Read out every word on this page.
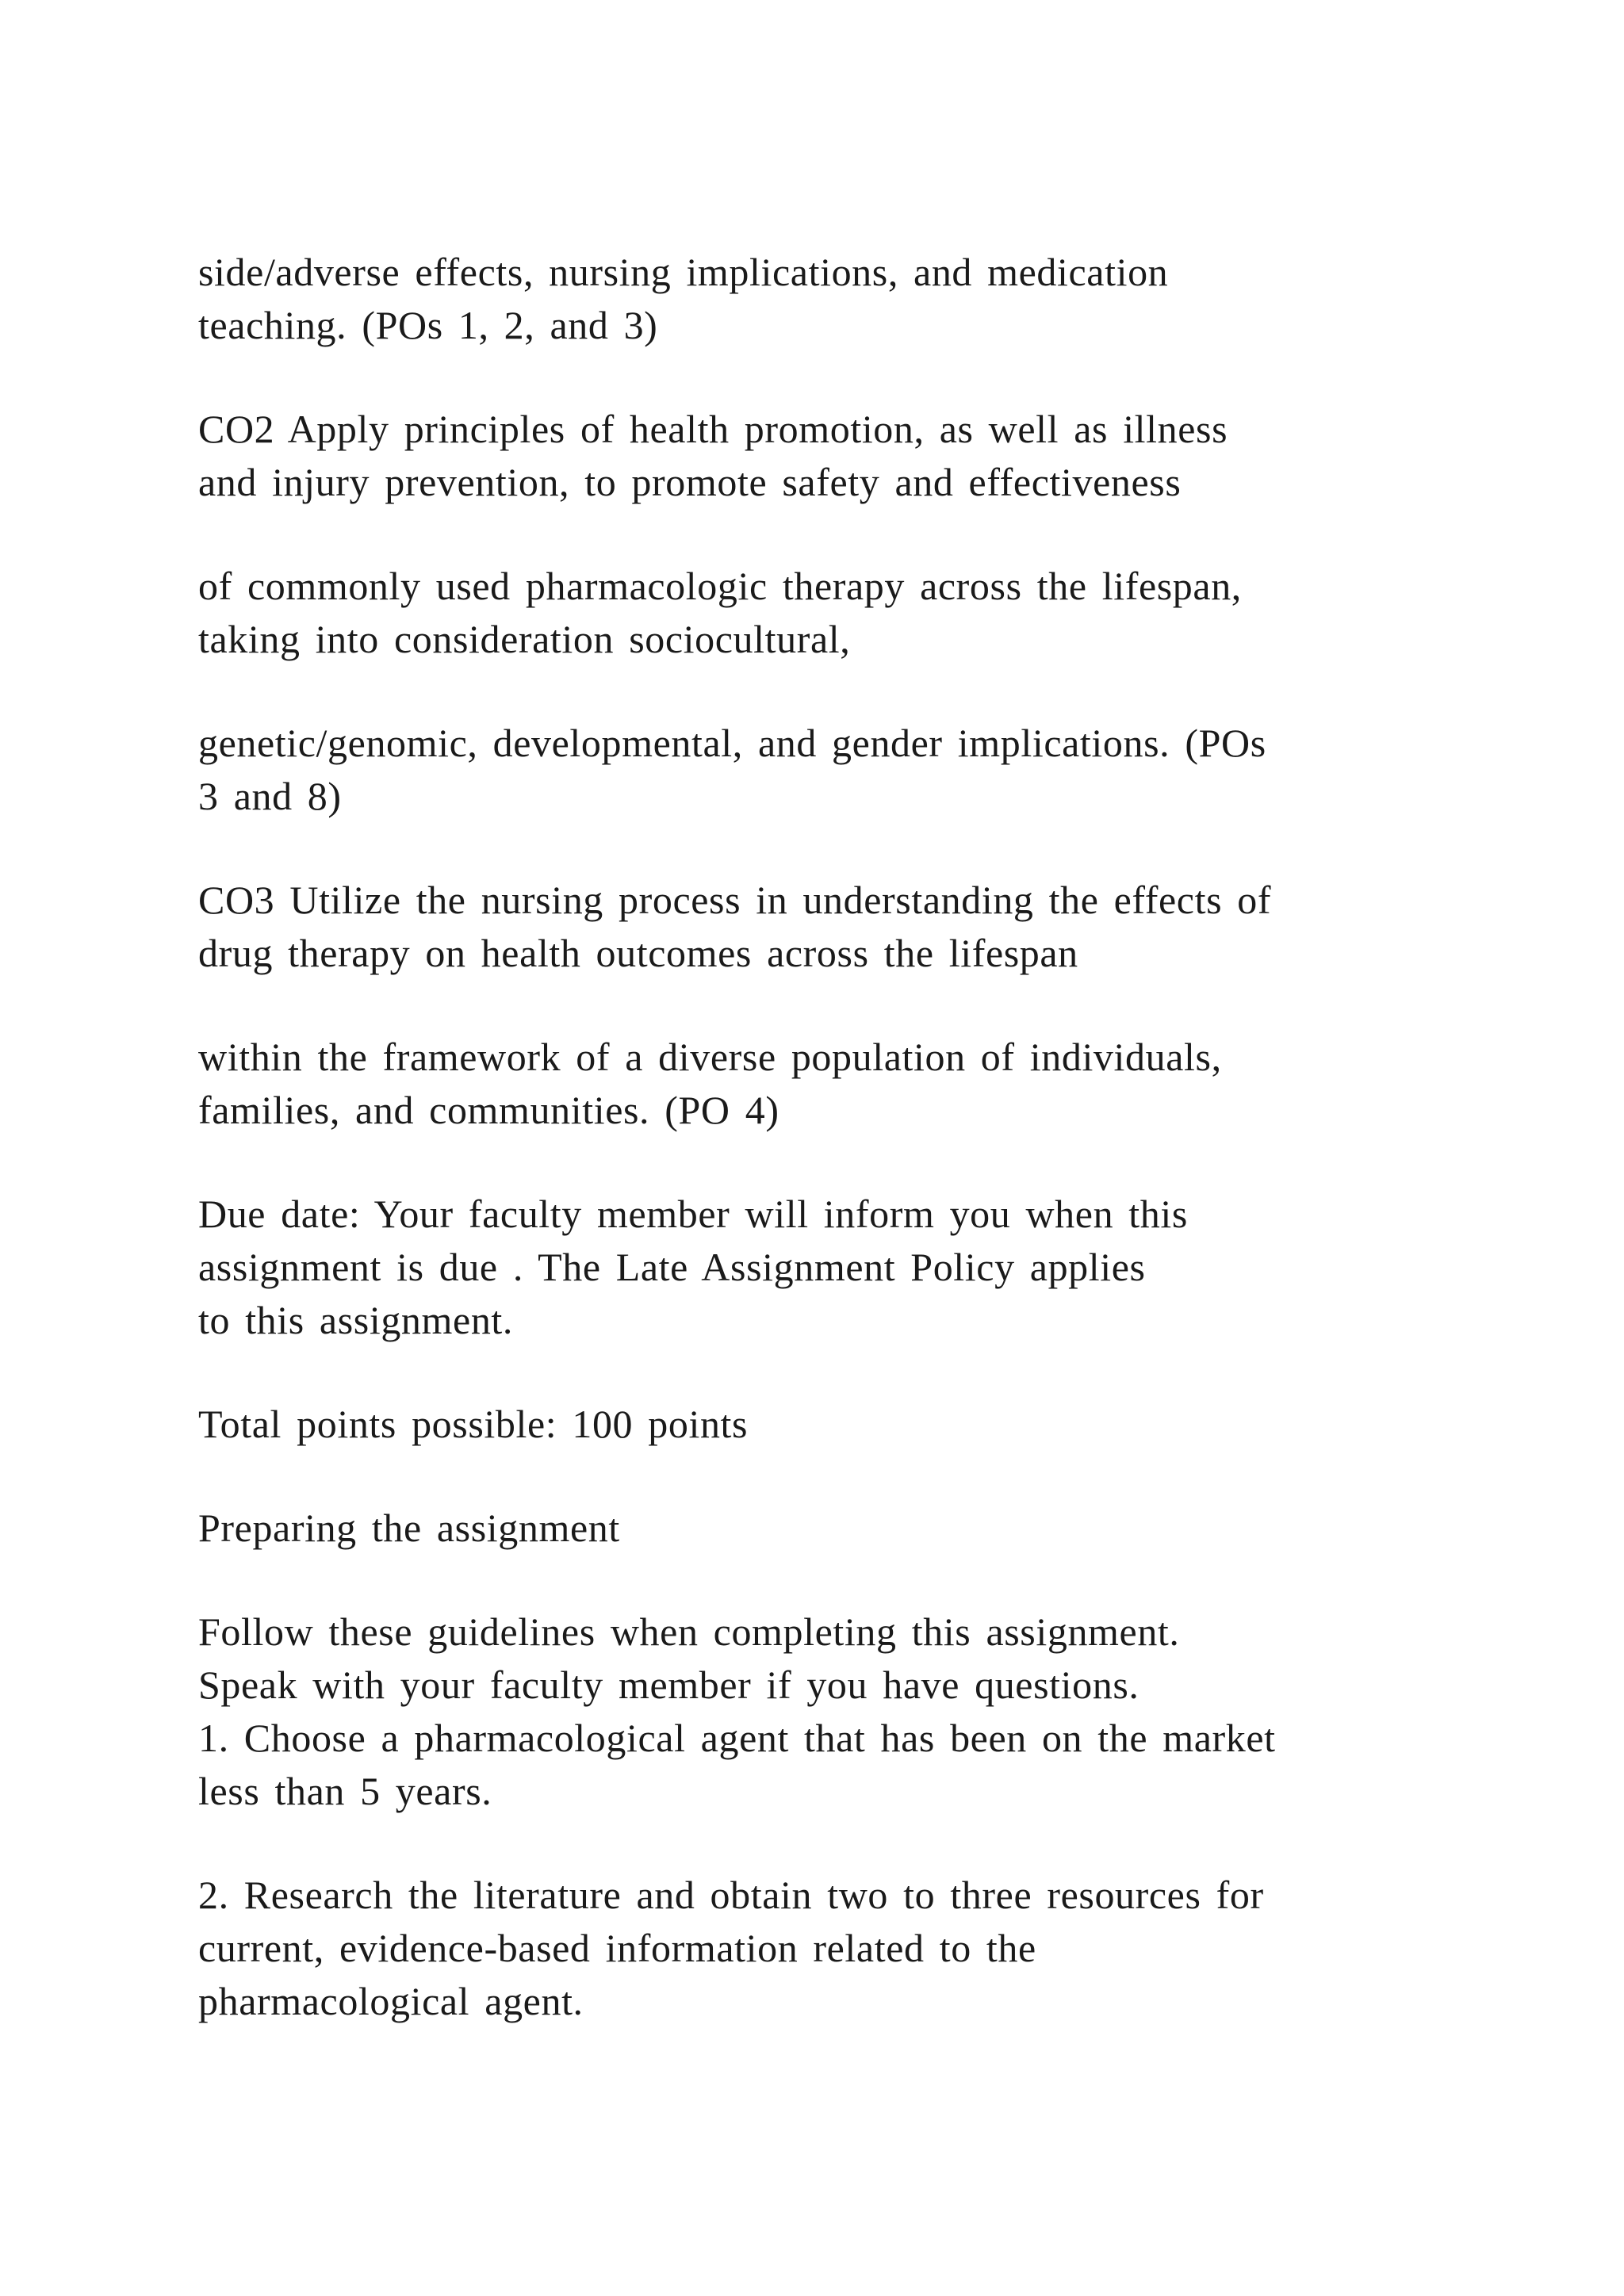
side/adverse effects, nursing implications, and medication
teaching. (POs 1, 2, and 3)
CO2 Apply principles of health promotion, as well as illness
and injury prevention, to promote safety and effectiveness
of commonly used pharmacologic therapy across the lifespan,
taking into consideration sociocultural,
genetic/genomic, developmental, and gender implications. (POs
3 and 8)
CO3 Utilize the nursing process in understanding the effects of
drug therapy on health outcomes across the lifespan
within the framework of a diverse population of individuals,
families, and communities. (PO 4)
Due date: Your faculty member will inform you when this
assignment is due . The Late Assignment Policy applies
to this assignment.
Total points possible: 100 points
Preparing the assignment
Follow these guidelines when completing this assignment.
Speak with your faculty member if you have questions.
1. Choose a pharmacological agent that has been on the market
less than 5 years.
2. Research the literature and obtain two to three resources for
current, evidence-based information related to the
pharmacological agent.
